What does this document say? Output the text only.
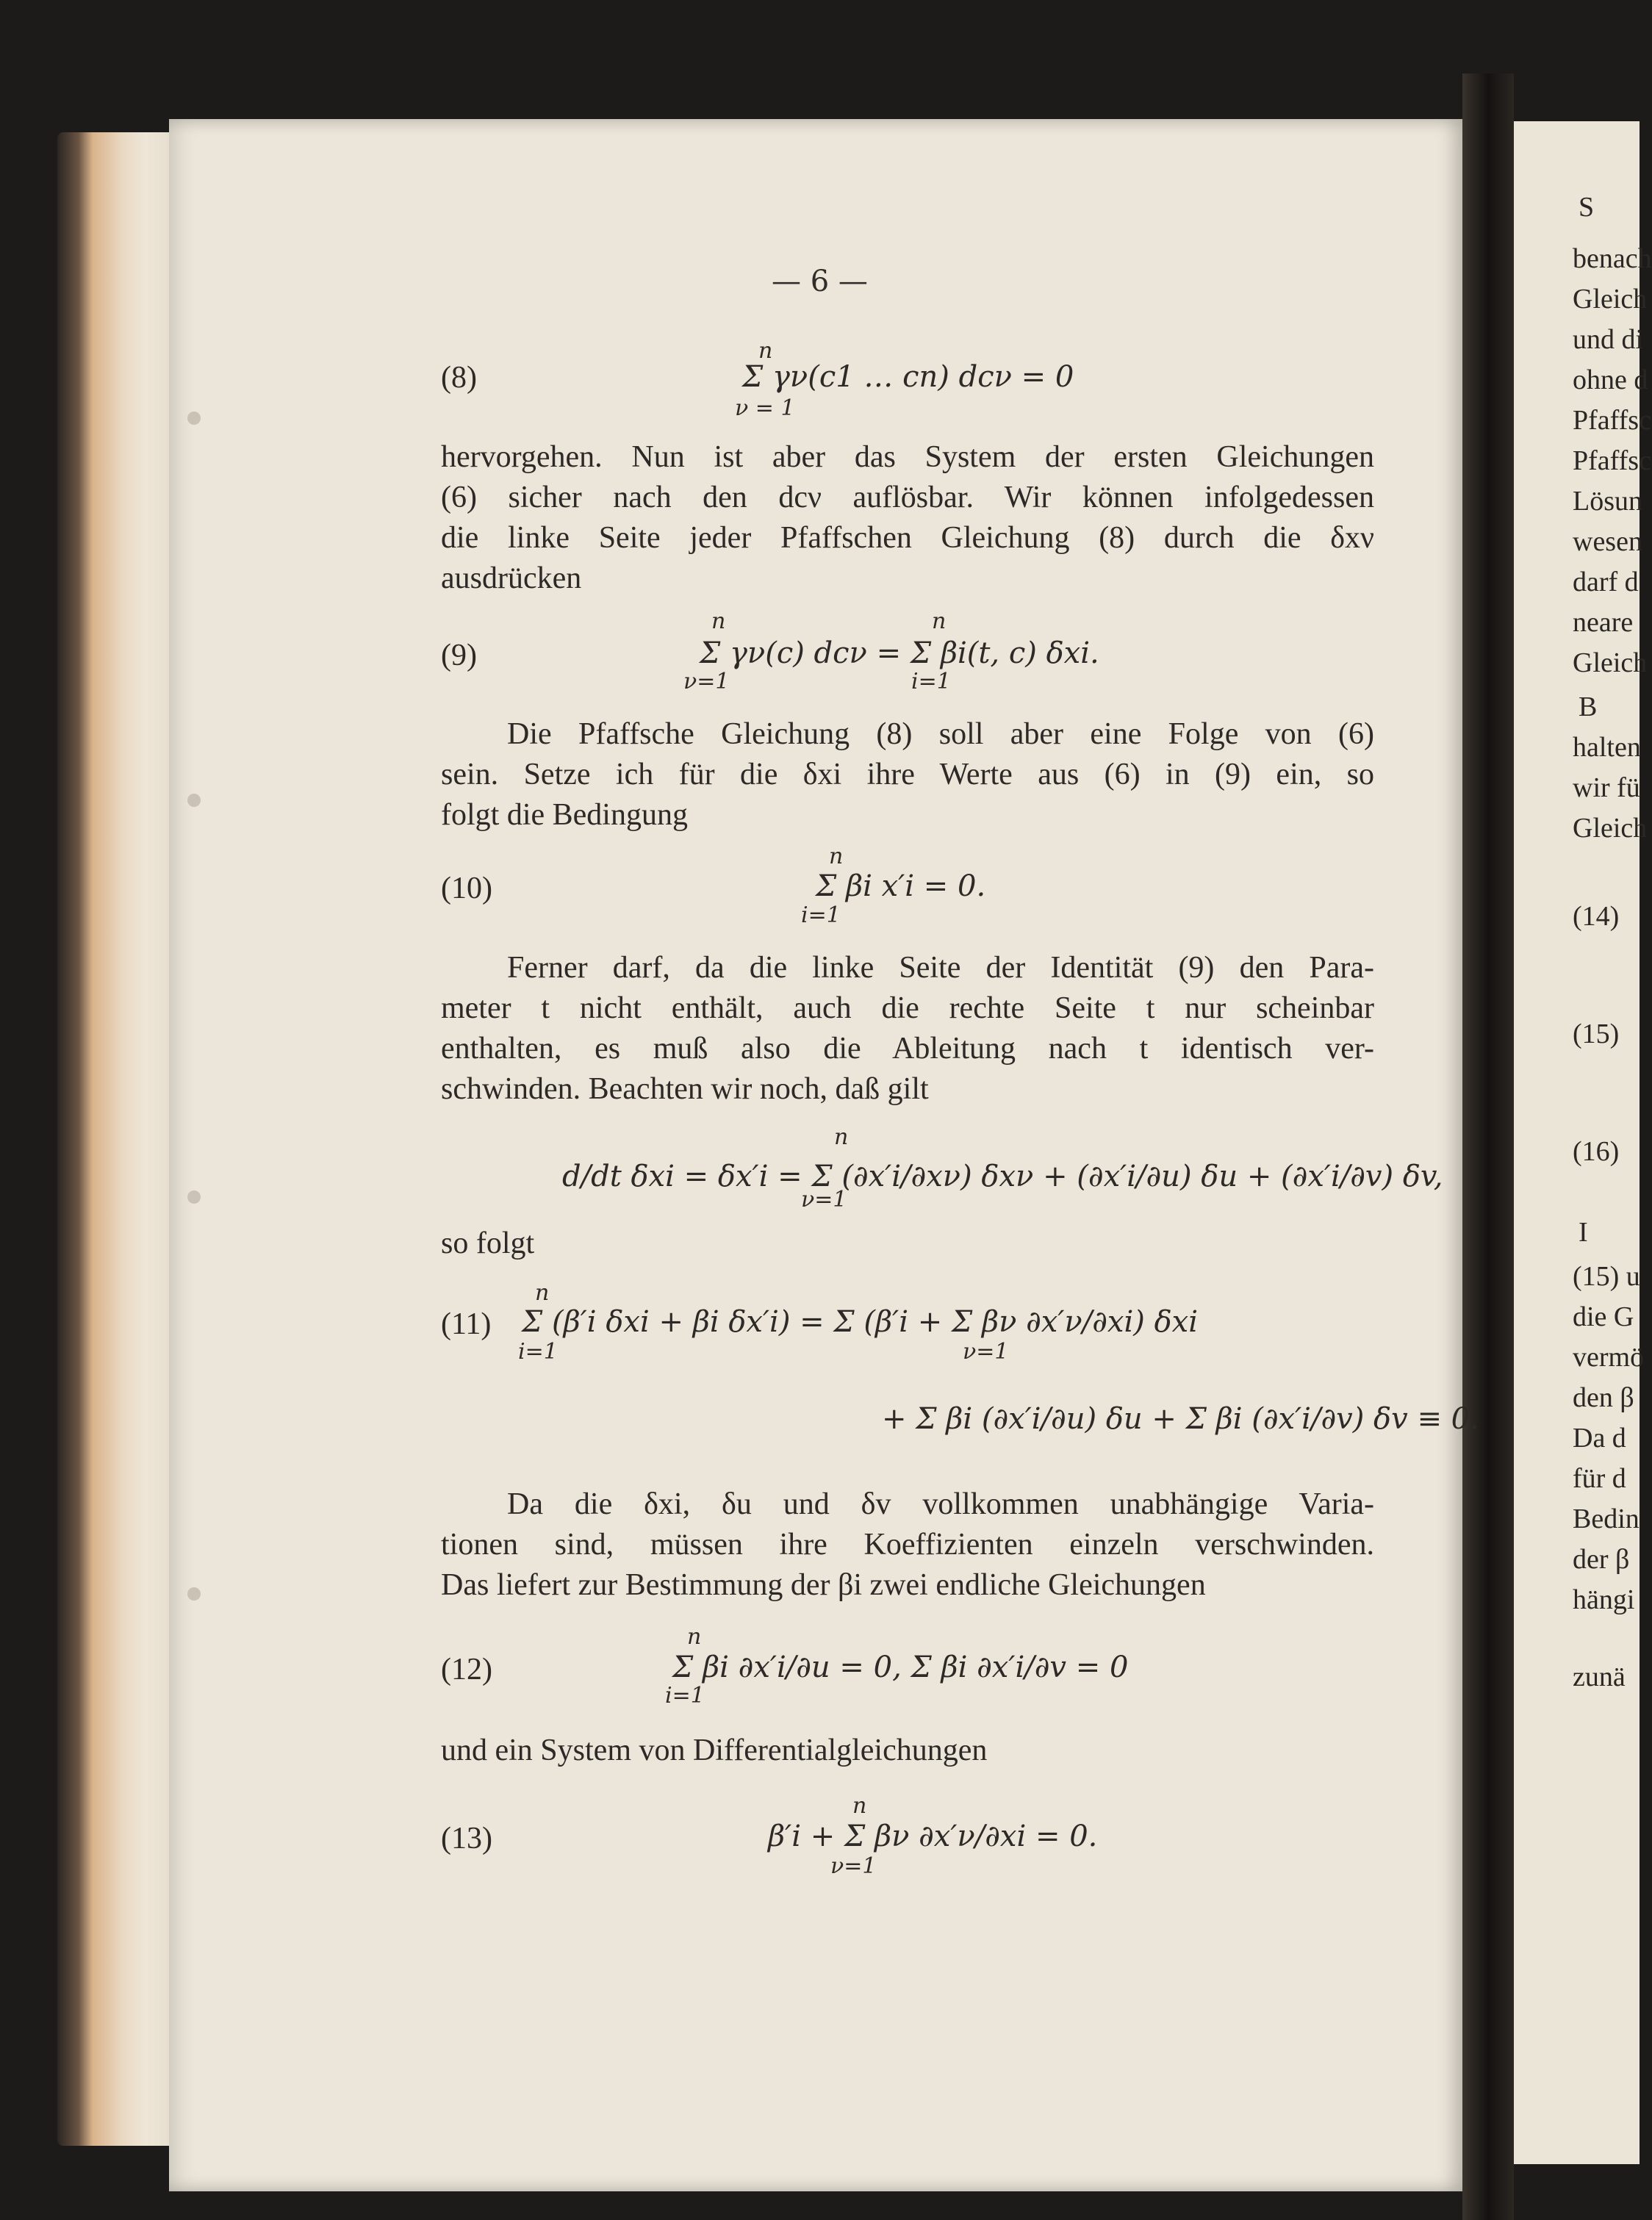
— 6 —
(8)
n
Σ γν(c1 … cn) dcν = 0
ν = 1
hervorgehen. Nun ist aber das System der ersten Gleichungen
(6) sicher nach den dcν auflösbar. Wir können infolgedessen
die linke Seite jeder Pfaffschen Gleichung (8) durch die δxν
ausdrücken
(9)
n	n
Σ γν(c) dcν = Σ βi(t, c) δxi.
ν=1	i=1
Die Pfaffsche Gleichung (8) soll aber eine Folge von (6)
sein. Setze ich für die δxi ihre Werte aus (6) in (9) ein, so
folgt die Bedingung
(10)
n
Σ βi x′i = 0.
i=1
Ferner darf, da die linke Seite der Identität (9) den Para-
meter t nicht enthält, auch die rechte Seite t nur scheinbar
enthalten, es muß also die Ableitung nach t identisch ver-
schwinden. Beachten wir noch, daß gilt
n
d/dt δxi = δx′i = Σ (∂x′i/∂xν) δxν + (∂x′i/∂u) δu + (∂x′i/∂v) δv,
ν=1
so folgt
(11)
n
Σ (β′i δxi + βi δx′i) = Σ (β′i + Σ βν ∂x′ν/∂xi) δxi
i=1	ν=1
+ Σ βi (∂x′i/∂u) δu + Σ βi (∂x′i/∂v) δv ≡ 0.
Da die δxi, δu und δv vollkommen unabhängige Varia-
tionen sind, müssen ihre Koeffizienten einzeln verschwinden.
Das liefert zur Bestimmung der βi zwei endliche Gleichungen
(12)
n
Σ βi ∂x′i/∂u = 0, Σ βi ∂x′i/∂v = 0
i=1
und ein System von Differentialgleichungen
(13)
n
β′i + Σ βν ∂x′ν/∂xi = 0.
ν=1
S
benach
Gleich
und di
ohne d
Pfaffsc
Pfaffsc
Lösun
wesen
darf d
neare
Gleich
B
halten
wir fü
Gleich
(14)
(15)
(16)
I
(15) u
die G
vermö
den β
Da d
für d
Bedin
der β
hängi
zunä
